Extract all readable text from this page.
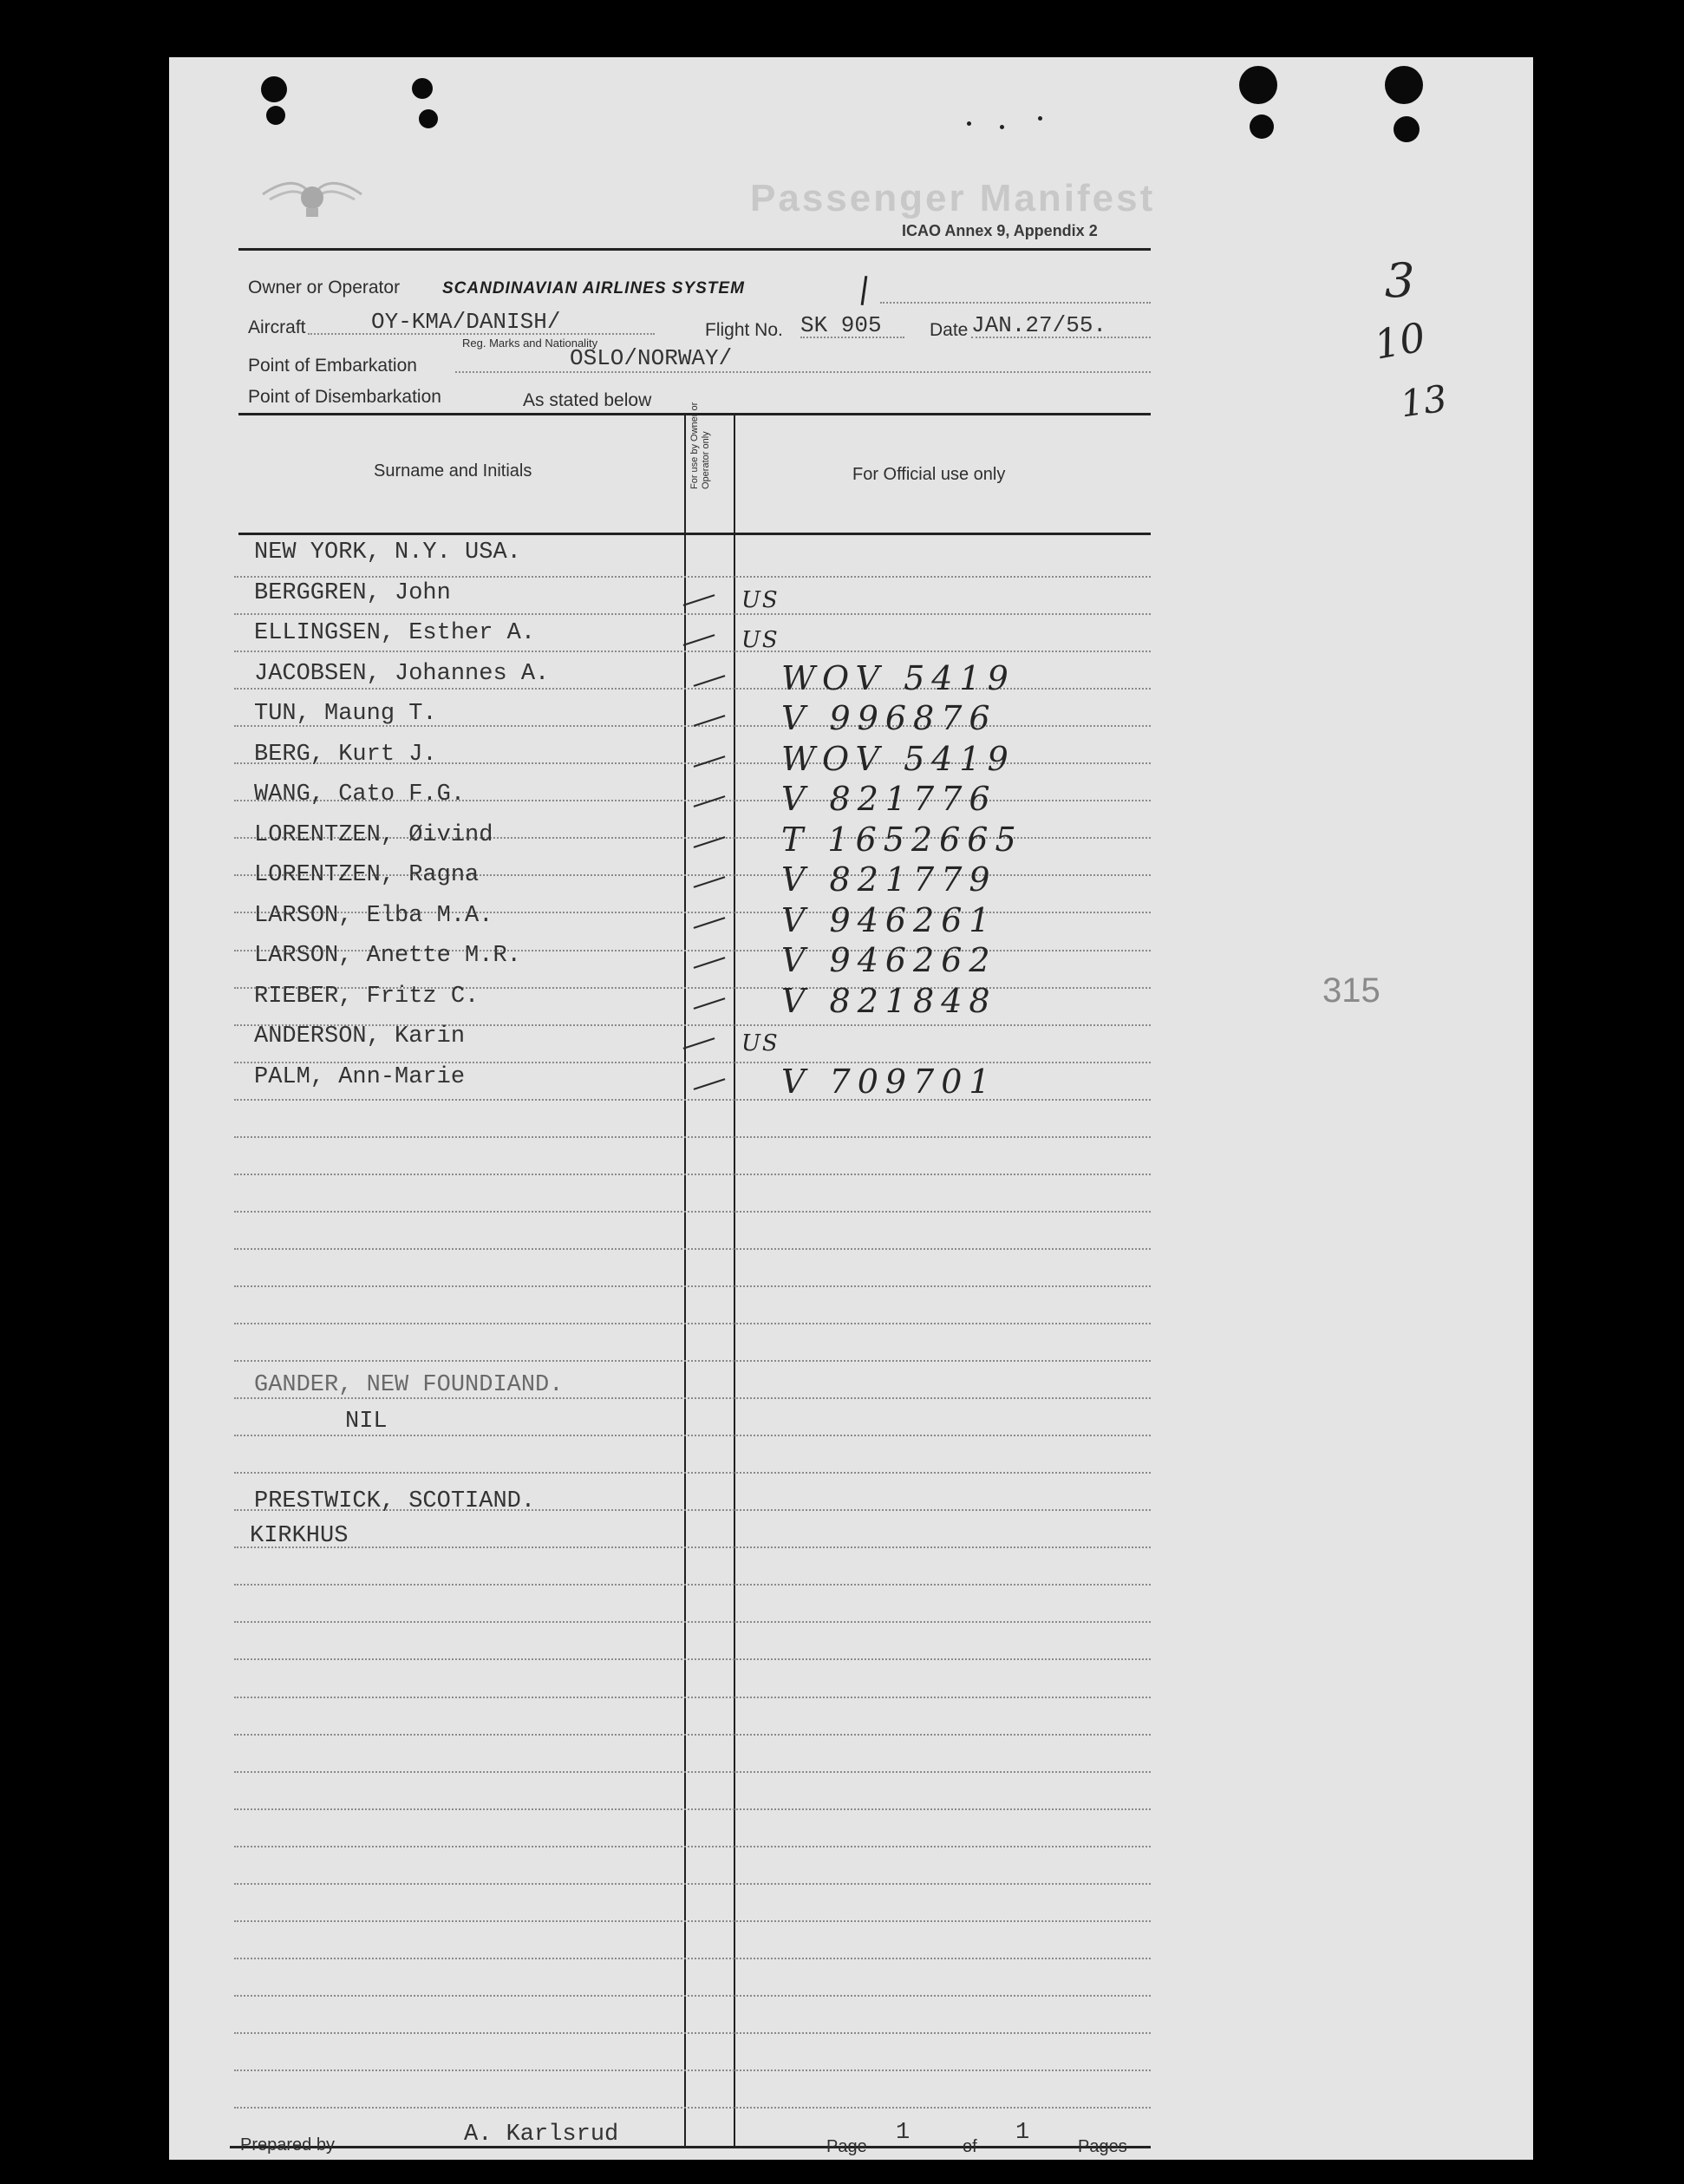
Passenger Manifest
ICAO Annex 9, Appendix 2
Owner or Operator	SCANDINAVIAN AIRLINES SYSTEM
Aircraft	OY-KMA/DANISH/
Reg. Marks and Nationality
Flight No. SK 905	Date JAN.27/55.
Point of Embarkation	OSLO/NORWAY/
Point of Disembarkation	As stated below
Surname and Initials	For use by Owner or Operator only	For Official use only
NEW YORK, N.Y. USA.
BERGGREN, John	US
ELLINGSEN, Esther A.	US
JACOBSEN, Johannes A.	WOV 5419
TUN, Maung T.	V 996876
BERG, Kurt J.	WOV 5419
WANG, Cato F.G.	V 821776
LORENTZEN, Øivind	T 1652665
LORENTZEN, Ragna	V 821779
LARSON, Elba M.A.	V 946261
LARSON, Anette M.R.	V 946262
RIEBER, Fritz C.	V 821848
ANDERSON, Karin	US
PALM, Ann-Marie	V 709701
GANDER, NEW FOUNDIAND.
NIL
PRESTWICK, SCOTIAND.
KIRKHUS
3
10
13
315
Prepared by	A. Karlsrud	Page
1
of
1
Pages
